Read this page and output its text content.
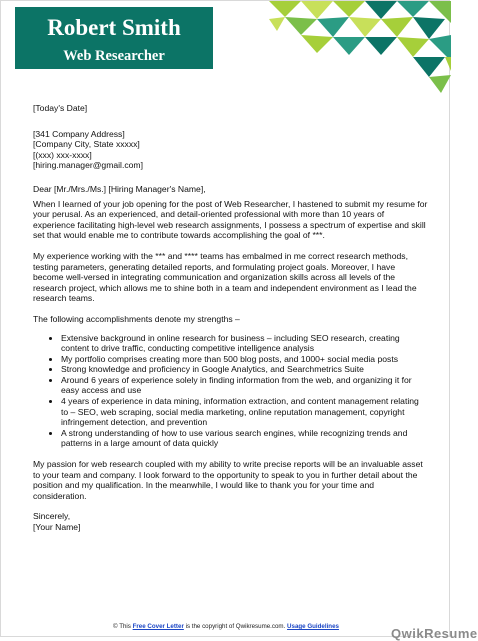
Robert Smith
Web Researcher

[Today's Date]

[341 Company Address]

[Company City, State xxxxx]

[(xxx) xxx-xxxx]

[hiring.manager@gmail.com]

Dear [Mr./Mrs./Ms.] [Hiring Manager's Name],

When I learned of your job opening for the post of Web Researcher, I hastened to submit my resume for your perusal. As an experienced, and detail-oriented professional with more than 10 years of experience facilitating high-level web research assignments, I possess a spectrum of expertise and skill set that would enable me to contribute towards accomplishing the goal of ***.

My experience working with the *** and **** teams has embalmed in me correct research methods, testing parameters, generating detailed reports, and formulating project goals. Moreover, I have become well-versed in integrating communication and organization skills across all levels of the research project, which allows me to shine both in a team and independent environment as I lead the research teams.

The following accomplishments denote my strengths –

• Extensive background in online research for business – including SEO research, creating content to drive traffic, conducting competitive intelligence analysis
• My portfolio comprises creating more than 500 blog posts, and 1000+ social media posts
• Strong knowledge and proficiency in Google Analytics, and Searchmetrics Suite
• Around 6 years of experience solely in finding information from the web, and organizing it for easy access and use
• 4 years of experience in data mining, information extraction, and content management relating to – SEO, web scraping, social media marketing, online reputation management, copyright infringement detection, and prevention
• A strong understanding of how to use various search engines, while recognizing trends and patterns in a large amount of data quickly

My passion for web research coupled with my ability to write precise reports will be an invaluable asset to your team and company. I look forward to the opportunity to speak to you in further detail about the position and my qualification. In the meanwhile, I would like to thank you for your time and consideration.

Sincerely,

[Your Name]

© This Free Cover Letter is the copyright of Qwikresume.com. Usage Guidelines	QwikResume
